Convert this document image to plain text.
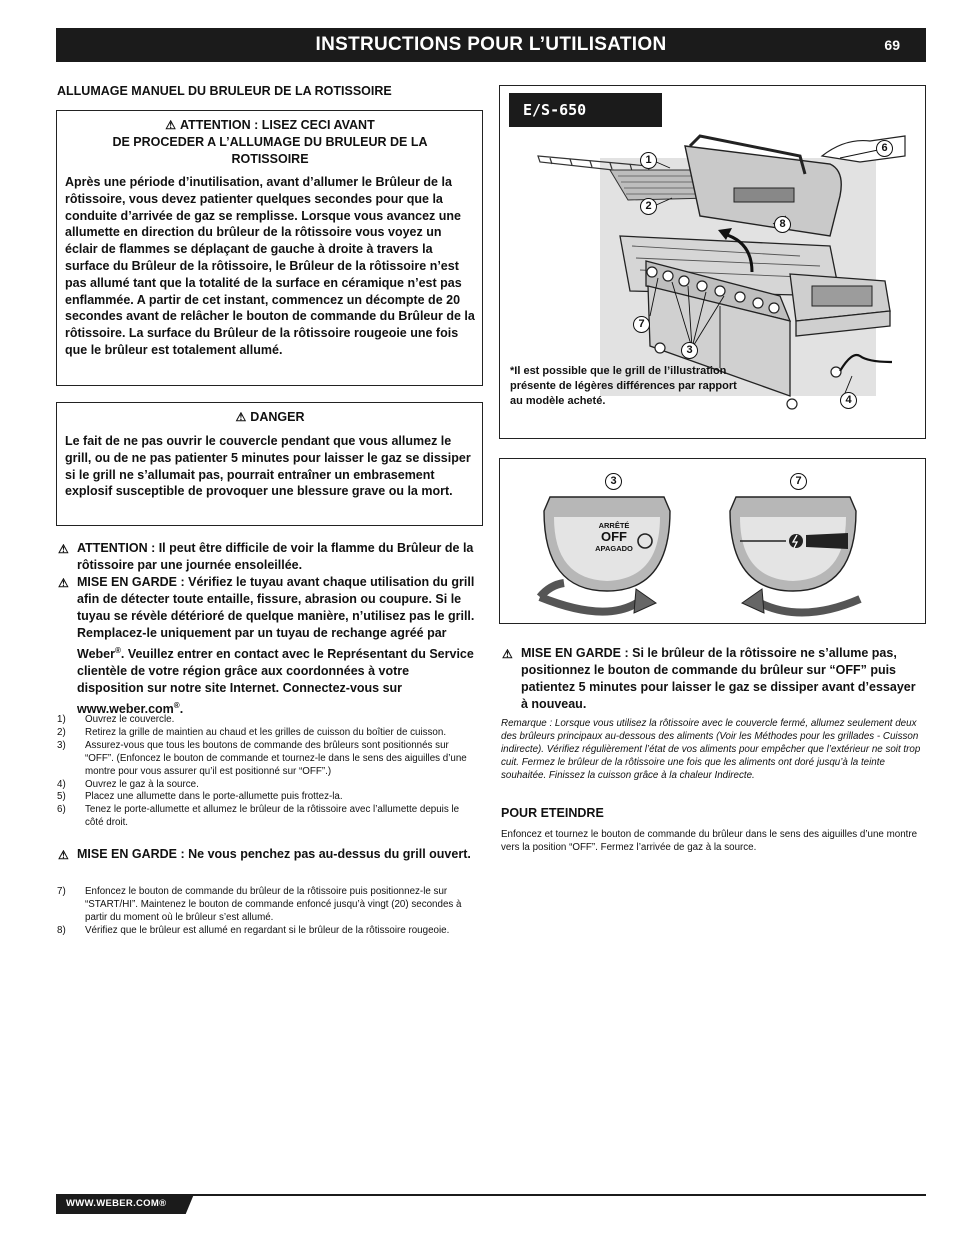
INSTRUCTIONS POUR L’UTILISATION	69
ALLUMAGE MANUEL DU BRULEUR DE LA ROTISSOIRE
⚠ ATTENTION : LISEZ CECI AVANT
DE PROCEDER A L’ALLUMAGE DU BRULEUR DE LA ROTISSOIRE
Après une période d’inutilisation, avant d’allumer le Brûleur de la rôtissoire, vous devez patienter quelques secondes pour que la conduite d’arrivée de gaz se remplisse. Lorsque vous avancez une allumette en direction du brûleur de la rôtissoire vous voyez un éclair de flammes se déplaçant de gauche à droite à travers la surface du Brûleur de la rôtissoire, le Brûleur de la rôtissoire n’est pas allumé tant que la totalité de la surface en céramique n’est pas enflammée. A partir de cet instant, commencez un décompte de 20 secondes avant de relâcher le bouton de commande du Brûleur de la rôtissoire. La surface du Brûleur de la rôtissoire rougeoie une fois que le brûleur est totalement allumé.
⚠ DANGER
Le fait de ne pas ouvrir le couvercle pendant que vous allumez le grill, ou de ne pas patienter 5 minutes pour laisser le gaz se dissiper si le grill ne s’allumait pas, pourrait entraîner un embrasement explosif susceptible de provoquer une blessure grave ou la mort.
⚠ ATTENTION : Il peut être difficile de voir la flamme du Brûleur de la rôtissoire par une journée ensoleillée.
⚠ MISE EN GARDE : Vérifiez le tuyau avant chaque utilisation du grill afin de détecter toute entaille, fissure, abrasion ou coupure. Si le tuyau se révèle détérioré de quelque manière, n’utilisez pas le grill. Remplacez-le uniquement par un tuyau de rechange agréé par Weber®. Veuillez entrer en contact avec le Représentant du Service clientèle de votre région grâce aux coordonnées à votre disposition sur notre site Internet. Connectez-vous sur www.weber.com®.
1) Ouvrez le couvercle.
2) Retirez la grille de maintien au chaud et les grilles de cuisson du boîtier de cuisson.
3) Assurez-vous que tous les boutons de commande des brûleurs sont positionnés sur “OFF”. (Enfoncez le bouton de commande et tournez-le dans le sens des aiguilles d’une montre pour vous assurer qu’il est positionné sur “OFF”.)
4) Ouvrez le gaz à la source.
5) Placez une allumette dans le porte-allumette puis frottez-la.
6) Tenez le porte-allumette et allumez le brûleur de la rôtissoire avec l’allumette depuis le côté droit.
⚠ MISE EN GARDE : Ne vous penchez pas au-dessus du grill ouvert.
7) Enfoncez le bouton de commande du brûleur de la rôtissoire puis positionnez-le sur “START/HI”. Maintenez le bouton de commande enfoncé jusqu’à vingt (20) secondes à partir du moment où le brûleur s’est allumé.
8) Vérifiez que le brûleur est allumé en regardant si le brûleur de la rôtissoire rougeoie.
E/S-650
1
2
3
4
6
7
8
*Il est possible que le grill de l’illustration présente de légères différences par rapport au modèle acheté.
ARRÊTÉ
OFF
APAGADO
3	7
⚠ MISE EN GARDE : Si le brûleur de la rôtissoire ne s’allume pas, positionnez le bouton de commande du brûleur sur “OFF” puis patientez 5 minutes pour laisser le gaz se dissiper avant d’essayer à nouveau.
Remarque : Lorsque vous utilisez la rôtissoire avec le couvercle fermé, allumez seulement deux des brûleurs principaux au-dessous des aliments (Voir les Méthodes pour les grillades - Cuisson indirecte). Vérifiez régulièrement l’état de vos aliments pour empêcher que l’extérieur ne soit trop cuit. Fermez le brûleur de la rôtissoire une fois que les aliments ont doré jusqu’à la teinte souhaitée. Finissez la cuisson grâce à la chaleur Indirecte.
POUR ETEINDRE
Enfoncez et tournez le bouton de commande du brûleur dans le sens des aiguilles d’une montre vers la position “OFF”. Fermez l’arrivée de gaz à la source.
WWW.WEBER.COM®
